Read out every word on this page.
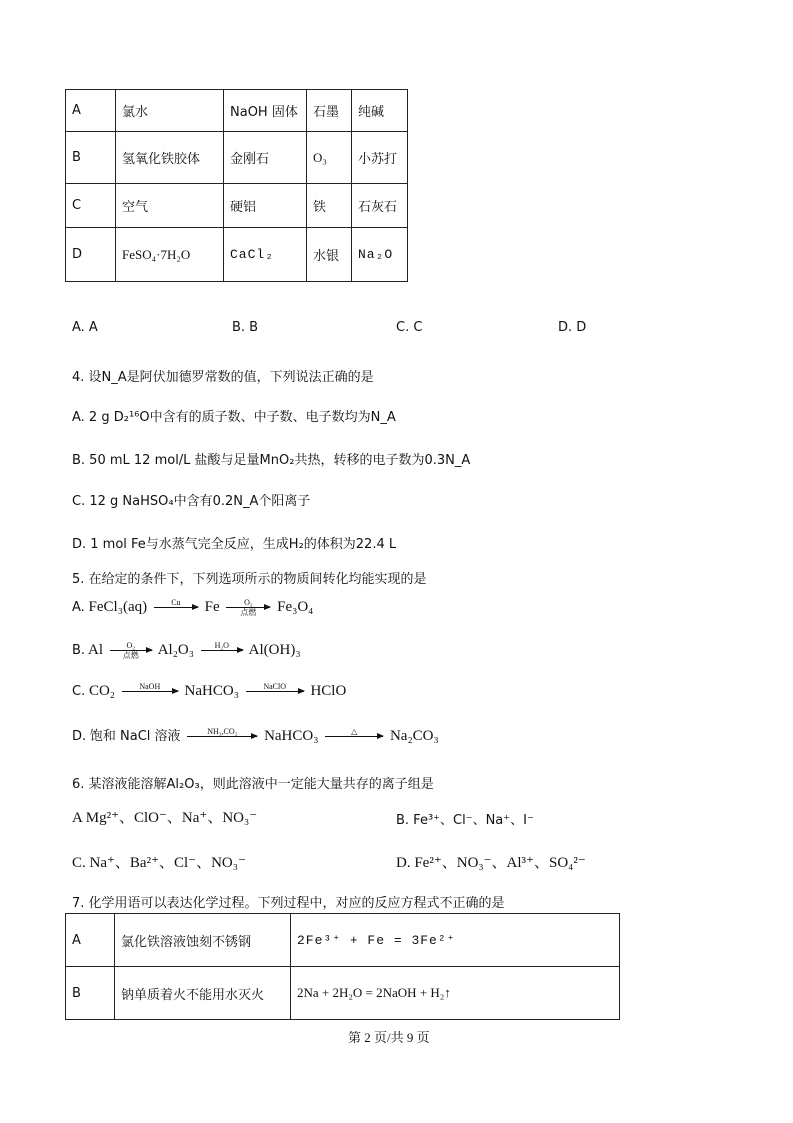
A	氯水	NaOH 固体	石墨	纯碱
B	氢氧化铁胶体	金刚石	O₃	小苏打
C	空气	硬铝	铁	石灰石
D	FeSO₄·7H₂O	CaCl₂	水银	Na₂O
A. A	B. B	C. C	D. D
4. 设N_A是阿伏加德罗常数的值，下列说法正确的是
A. 2 g D₂¹⁶O中含有的质子数、中子数、电子数均为N_A
B. 50 mL 12 mol/L 盐酸与足量MnO₂共热，转移的电子数为0.3N_A
C. 12 g NaHSO₄中含有0.2N_A个阳离子
D. 1 mol Fe与水蒸气完全反应，生成H₂的体积为22.4 L
5. 在给定的条件下，下列选项所示的物质间转化均能实现的是
A. FeCl₃(aq)	Cu	Fe	O₂
点燃	Fe₃O₄
B. Al	O₂
点燃	Al₂O₃	H₂O	Al(OH)₃
C. CO₂	NaOH	NaHCO₃	NaClO	HClO
D. 饱和 NaCl 溶液	NH₃,CO₂	NaHCO₃	△	Na₂CO₃
6. 某溶液能溶解Al₂O₃，则此溶液中一定能大量共存的离子组是
A Mg²⁺、ClO⁻、Na⁺、NO₃⁻	B. Fe³⁺、Cl⁻、Na⁺、I⁻
C. Na⁺、Ba²⁺、Cl⁻、NO₃⁻	D. Fe²⁺、NO₃⁻、Al³⁺、SO₄²⁻
7. 化学用语可以表达化学过程。下列过程中，对应的反应方程式不正确的是
A	氯化铁溶液蚀刻不锈钢	2Fe³⁺ + Fe = 3Fe²⁺
B	钠单质着火不能用水灭火	2Na + 2H₂O = 2NaOH + H₂↑
第 2 页/共 9 页
